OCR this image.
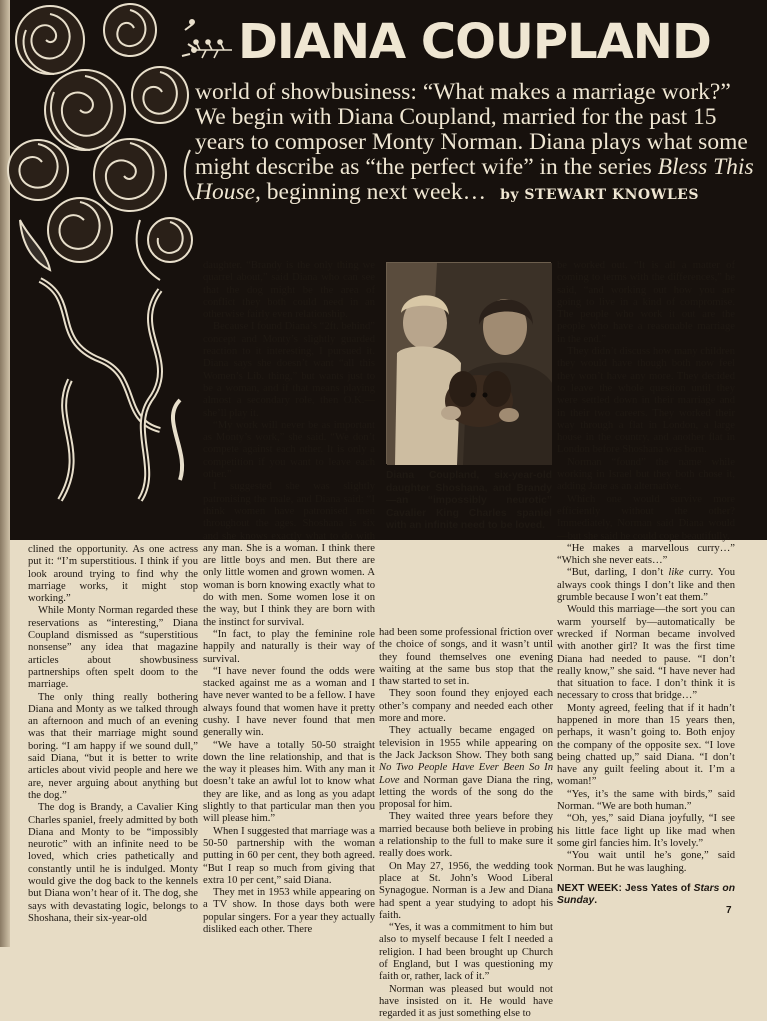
DIANA COUPLAND
world of showbusiness: “What makes a marriage work?” We begin with Diana Coupland, married for the past 15 years to composer Monty Norman. Diana plays what some might describe as “the perfect wife” in the series Bless This House, beginning next week… by STEWART KNOWLES

clined the opportunity. As one actress put it: “I’m superstitious. I think if you look around trying to find why the marriage works, it might stop working.”

While Monty Norman regarded these reservations as “interesting,” Diana Coupland dismissed as “superstitious nonsense” any idea that magazine articles about showbusiness partnerships often spelt doom to the marriage.

The only thing really bothering Diana and Monty as we talked through an afternoon and much of an evening was that their marriage might sound boring. “I am happy if we sound dull,” said Diana, “but it is better to write articles about vivid people and here we are, never arguing about anything but the dog.”

The dog is Brandy, a Cavalier King Charles spaniel, freely admitted by both Diana and Monty to be “impossibly neurotic” with an infinite need to be loved, which cries pathetically and constantly until he is indulged. Monty would give the dog back to the kennels but Diana won’t hear of it. The dog, she says with devastating logic, belongs to Shoshana, their six-year-old

daughter. “Brandy is the only thing we quarrel about,” said Diana who can see that the dog might be the area of conflict they both could need in an otherwise fairly even relationship.

Because I found Diana’s “2ft. behind” concept and Monty’s slightly guarded reaction to it interesting, I pursued it. Diana says she doesn’t want “all this Women’s Lib. thing,” but wants just to be a woman, and if that means playing almost a secondary role, then O.K.—she’ll play it.

“My work will never be as important as Monty’s work,” she said. “We don’t compete against each other. It is only a competition if you want to leave each other.”

I suggested she was slightly patronising the male, and Diana said: “I think women have patronised men throughout the ages. Shoshana is six and she knows exactly what to do with any man. She is a woman. I think there are little boys and men. But there are only little women and grown women. A woman is born knowing exactly what to do with men. Some women lose it on the way, but I think they are born with the instinct for survival.

“In fact, to play the feminine role happily and naturally is their way of survival.

“I have never found the odds were stacked against me as a woman and I have never wanted to be a fellow. I have always found that women have it pretty cushy. I have never found that men generally win.

“We have a totally 50-50 straight down the line relationship, and that is the way it pleases him. With any man it doesn’t take an awful lot to know what they are like, and as long as you adapt slightly to that particular man then you will please him.”

When I suggested that marriage was a 50-50 partnership with the woman putting in 60 per cent, they both agreed. “But I reap so much from giving that extra 10 per cent,” said Diana.

They met in 1953 while appearing on a TV show. In those days both were popular singers. For a year they actually disliked each other. There

Diana Coupland, six-year-old daughter Shoshana, and Brandy—an “impossibly neurotic” Cavalier King Charles spaniel with an infinite need to be loved.

had been some professional friction over the choice of songs, and it wasn’t until they found themselves one evening waiting at the same bus stop that the thaw started to set in.

They soon found they enjoyed each other’s company and needed each other more and more.

They actually became engaged on television in 1955 while appearing on the Jack Jackson Show. They both sang No Two People Have Ever Been So In Love and Norman gave Diana the ring, letting the words of the song do the proposal for him.

They waited three years before they married because both believe in probing a relationship to the full to make sure it really does work.

On May 27, 1956, the wedding took place at St. John’s Wood Liberal Synagogue. Norman is a Jew and Diana had spent a year studying to adopt his faith.

“Yes, it was a commitment to him but also to myself because I felt I needed a religion. I had been brought up Church of England, but I was questioning my faith or, rather, lack of it.”

Norman was pleased but would not have insisted on it. He would have regarded it as just something else to

be worked out. “It is all a matter of coming to terms with the differences,” he said, “and working out how you are going to live in a kind of compromise. The people who work it out are the people who have a reasonable marriage in the end.”

They didn’t discuss how many children they would have though both now feel they won’t have any more. They decided to leave the whole question until they were settled down in their marriage and in their two careers. They worked their way through a flat in London, a large house in the country, and another flat in London before Shoshana was born.

Norman “found” the name while working in Israel but they both chose it, adding Jane as an alternative.

Which one would survive more efficiently without the other? Immediately, Norman said Diana would—but she said he could cope beautifully.

“He makes a marvellous curry…” “Which she never eats…”

“But, darling, I don’t like curry. You always cook things I don’t like and then grumble because I won’t eat them.”

Would this marriage—the sort you can warm yourself by—automatically be wrecked if Norman became involved with another girl? It was the first time Diana had needed to pause. “I don’t really know,” she said. “I have never had that situation to face. I don’t think it is necessary to cross that bridge…”

Monty agreed, feeling that if it hadn’t happened in more than 15 years then, perhaps, it wasn’t going to. Both enjoy the company of the opposite sex. “I love being chatted up,” said Diana. “I don’t have any guilt feeling about it. I’m a woman!”

“Yes, it’s the same with birds,” said Norman. “We are both human.”

“Oh, yes,” said Diana joyfully, “I see his little face light up like mad when some girl fancies him. It’s lovely.”

“You wait until he’s gone,” said Norman. But he was laughing.

NEXT WEEK: Jess Yates of Stars on Sunday.

7
